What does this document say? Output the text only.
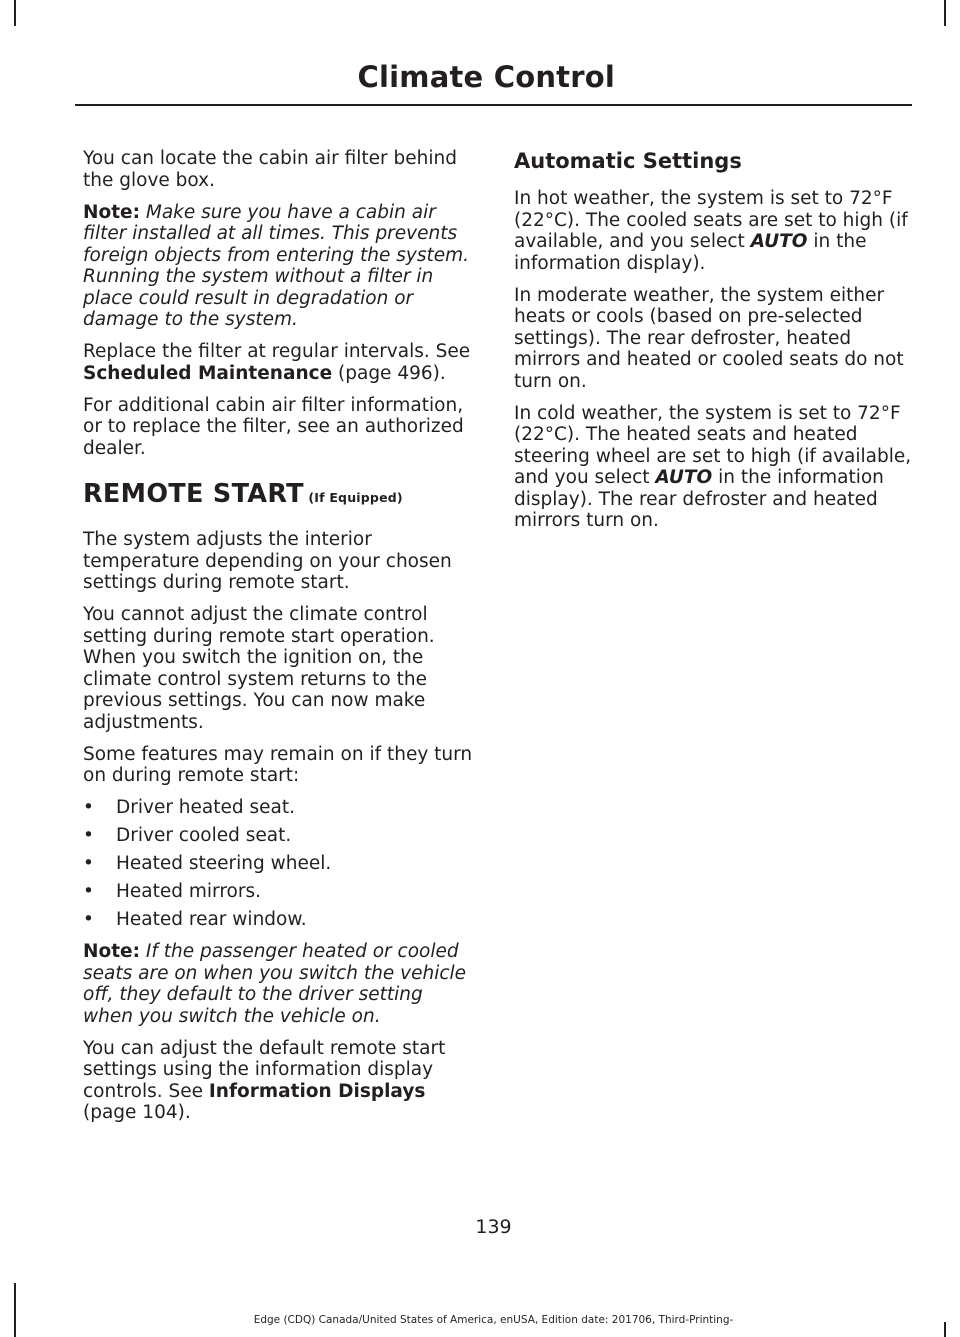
Climate Control

You can locate the cabin air filter behind the glove box.

Note: Make sure you have a cabin air filter installed at all times. This prevents foreign objects from entering the system. Running the system without a filter in place could result in degradation or damage to the system.

Replace the filter at regular intervals. See Scheduled Maintenance (page 496).

For additional cabin air filter information, or to replace the filter, see an authorized dealer.

REMOTE START (If Equipped)

The system adjusts the interior temperature depending on your chosen settings during remote start.

You cannot adjust the climate control setting during remote start operation. When you switch the ignition on, the climate control system returns to the previous settings. You can now make adjustments.

Some features may remain on if they turn on during remote start:

• Driver heated seat.
• Driver cooled seat.
• Heated steering wheel.
• Heated mirrors.
• Heated rear window.

Note: If the passenger heated or cooled seats are on when you switch the vehicle off, they default to the driver setting when you switch the vehicle on.

You can adjust the default remote start settings using the information display controls. See Information Displays (page 104).

Automatic Settings

In hot weather, the system is set to 72°F (22°C). The cooled seats are set to high (if available, and you select AUTO in the information display).

In moderate weather, the system either heats or cools (based on pre-selected settings). The rear defroster, heated mirrors and heated or cooled seats do not turn on.

In cold weather, the system is set to 72°F (22°C). The heated seats and heated steering wheel are set to high (if available, and you select AUTO in the information display). The rear defroster and heated mirrors turn on.

139
Edge (CDQ) Canada/United States of America, enUSA, Edition date: 201706, Third-Printing-
